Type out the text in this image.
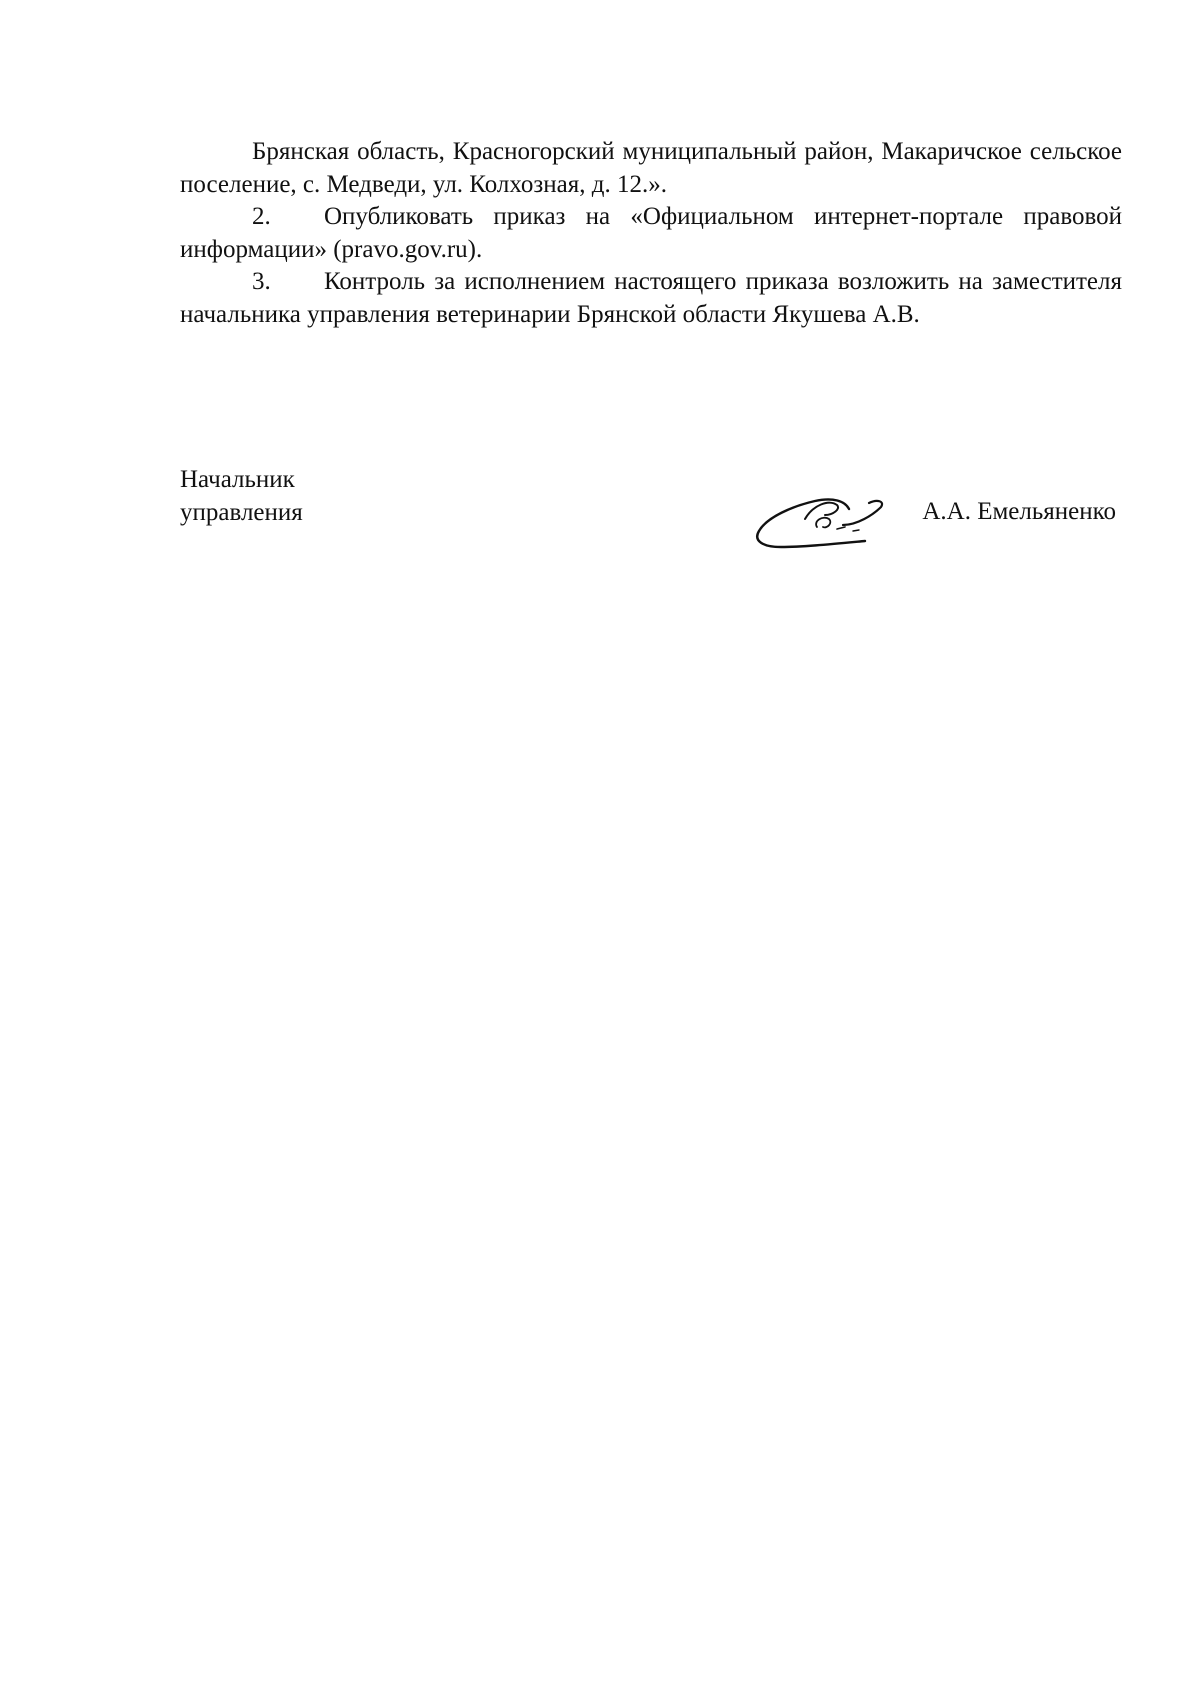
Брянская область, Красногорский муниципальный район, Макаричское сельское поселение, с. Медведи, ул. Колхозная, д. 12.».

2. Опубликовать приказ на «Официальном интернет-портале правовой информации» (pravo.gov.ru).

3. Контроль за исполнением настоящего приказа возложить на заместителя начальника управления ветеринарии Брянской области Якушева А.В.

Начальник
управления	А.А. Емельяненко
